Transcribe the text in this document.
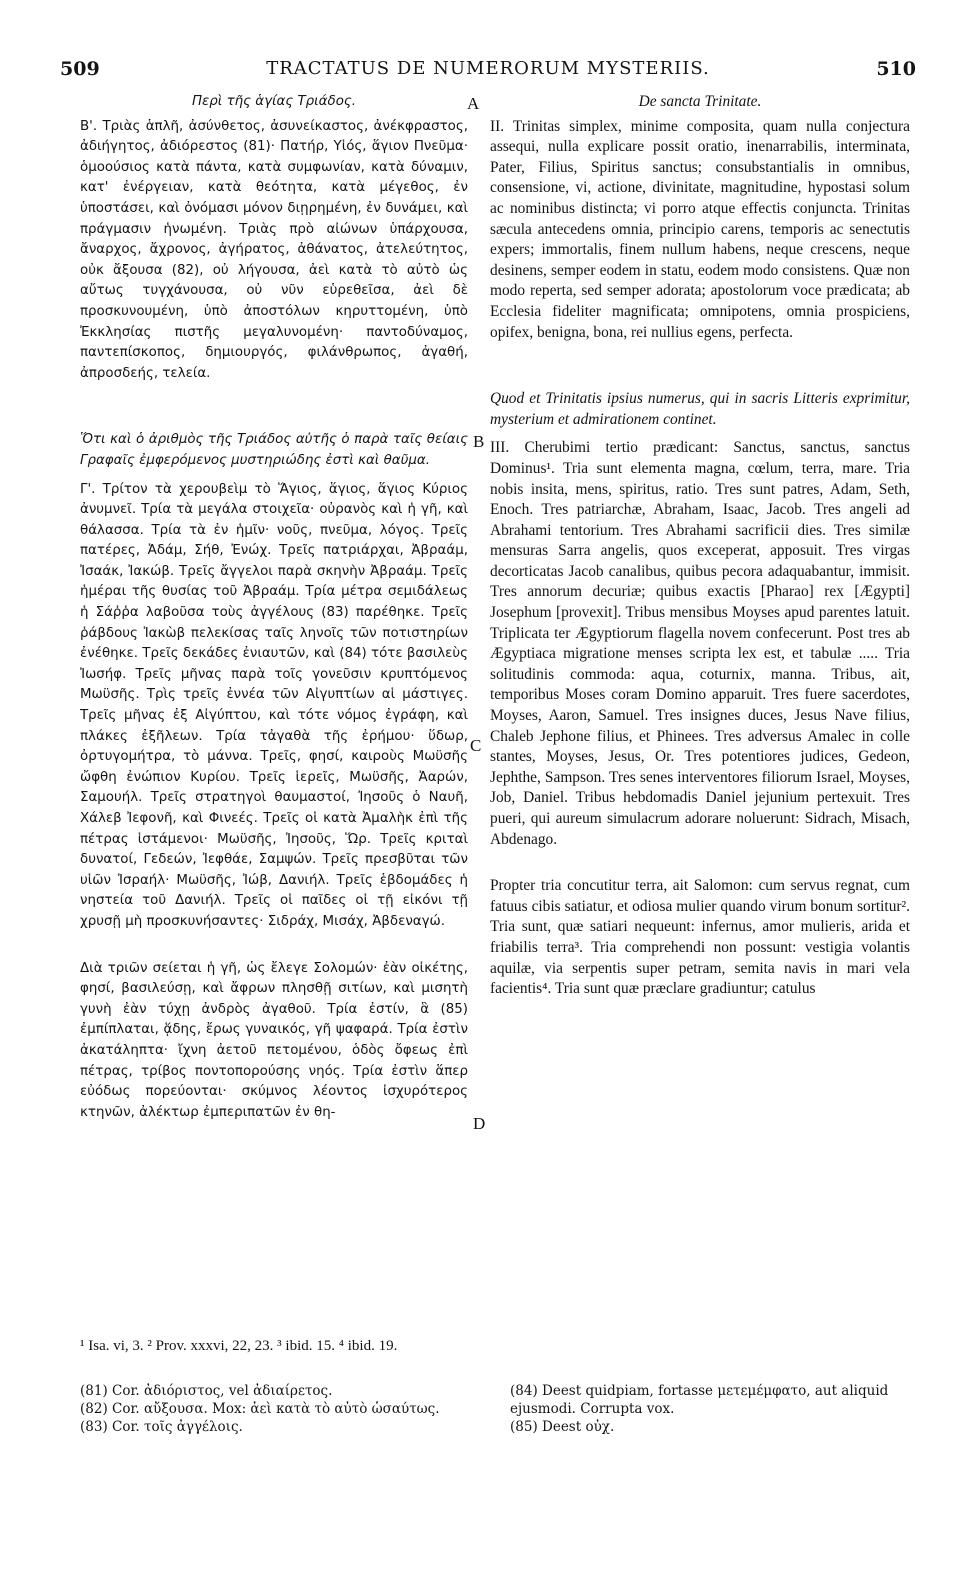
509	TRACTATUS DE NUMERORUM MYSTERIIS.	510
Περὶ τῆς ἁγίας Τριάδος.

Β'. Τριὰς ἁπλῆ, ἀσύνθετος, ἀσυνείκαστος, ἀνέκφραστος, ἀδιήγητος, ἀδιόρεστος (81)· Πατήρ, Υἱός, ἅγιον Πνεῦμα· ὁμοούσιος κατὰ πάντα, κατὰ συμφωνίαν, κατὰ δύναμιν, κατ' ἐνέργειαν, κατὰ θεότητα, κατὰ μέγεθος, ἐν ὑποστάσει, καὶ ὀνόμασι μόνον διῃρημένη, ἐν δυνάμει, καὶ πράγμασιν ἡνωμένη. Τριὰς πρὸ αἰώνων ὑπάρχουσα, ἄναρχος, ἄχρονος, ἀγήρατος, ἀθάνατος, ἀτελεύτητος, οὐκ ἄξουσα (82), οὐ λήγουσα, ἀεὶ κατὰ τὸ αὐτὸ ὡς αὔτως τυγχάνουσα, οὐ νῦν εὑρεθεῖσα, ἀεὶ δὲ προσκυνουμένη, ὑπὸ ἀποστόλων κηρυττομένη, ὑπὸ Ἐκκλησίας πιστῆς μεγαλυνομένη· παντοδύναμος, παντεπίσκοπος, δημιουργός, φιλάνθρωπος, ἀγαθή, ἀπροσδεής, τελεία.

Ὅτι καὶ ὁ ἀριθμὸς τῆς Τριάδος αὐτῆς ὁ παρὰ ταῖς θείαις Γραφαῖς ἐμφερόμενος μυστηριώδης ἐστὶ καὶ θαῦμα.

Γ'. Τρίτον τὰ χερουβεὶμ τὸ Ἅγιος, ἅγιος, ἅγιος Κύριος ἀνυμνεῖ. Τρία τὰ μεγάλα στοιχεῖα· οὐρανὸς καὶ ἡ γῆ, καὶ θάλασσα. Τρία τὰ ἐν ἡμῖν· νοῦς, πνεῦμα, λόγος. Τρεῖς πατέρες, Ἀδάμ, Σήθ, Ἐνώχ. Τρεῖς πατριάρχαι, Ἀβραάμ, Ἰσαάκ, Ἰακώβ. Τρεῖς ἄγγελοι παρὰ σκηνὴν Ἀβραάμ. Τρεῖς ἡμέραι τῆς θυσίας τοῦ Ἀβραάμ. Τρία μέτρα σεμιδάλεως ἡ Σάῤῥα λαβοῦσα τοὺς ἀγγέλους (83) παρέθηκε. Τρεῖς ῥάβδους Ἰακὼβ πελεκίσας ταῖς ληνοῖς τῶν ποτιστηρίων ἐνέθηκε. Τρεῖς δεκάδες ἐνιαυτῶν, καὶ (84) τότε βασιλεὺς Ἰωσήφ. Τρεῖς μῆνας παρὰ τοῖς γονεῦσιν κρυπτόμενος Μωϋσῆς. Τρὶς τρεῖς ἐννέα τῶν Αἰγυπτίων αἱ μάστιγες. Τρεῖς μῆνας ἐξ Αἰγύπτου, καὶ τότε νόμος ἐγράφη, καὶ πλάκες ἐξῆλεων. Τρία τἀγαθὰ τῆς ἐρήμου· ὕδωρ, ὀρτυγομήτρα, τὸ μάννα. Τρεῖς, φησί, καιροὺς Μωϋσῆς ὤφθη ἐνώπιον Κυρίου. Τρεῖς ἱερεῖς, Μωϋσῆς, Ἀαρών, Σαμουήλ. Τρεῖς στρατηγοὶ θαυμαστοί, Ἰησοῦς ὁ Ναυῆ, Χάλεβ Ἰεφονῆ, καὶ Φινεές. Τρεῖς οἱ κατὰ Ἀμαλὴκ ἐπὶ τῆς πέτρας ἱστάμενοι· Μωϋσῆς, Ἰησοῦς, Ὥρ. Τρεῖς κριταὶ δυνατοί, Γεδεών, Ἰεφθάε, Σαμψών. Τρεῖς πρεσβῦται τῶν υἱῶν Ἰσραήλ· Μωϋσῆς, Ἰώβ, Δανιήλ. Τρεῖς ἑβδομάδες ἡ νηστεία τοῦ Δανιήλ. Τρεῖς οἱ παῖδες οἱ τῇ εἰκόνι τῇ χρυσῇ μὴ προσκυνήσαντες· Σιδράχ, Μισάχ, Ἀβδεναγώ.

Διὰ τριῶν σείεται ἡ γῆ, ὡς ἔλεγε Σολομών· ἐὰν οἰκέτης, φησί, βασιλεύσῃ, καὶ ἄφρων πλησθῇ σιτίων, καὶ μισητὴ γυνὴ ἐὰν τύχῃ ἀνδρὸς ἀγαθοῦ. Τρία ἐστίν, ἃ (85) ἐμπίπλαται, ᾅδης, ἔρως γυναικός, γῆ ψαφαρά. Τρία ἐστὶν ἀκατάληπτα· ἴχνη ἀετοῦ πετομένου, ὁδὸς ὄφεως ἐπὶ πέτρας, τρίβος ποντοπορούσης νηός. Τρία ἐστὶν ἅπερ εὐόδως πορεύονται· σκύμνος λέοντος ἰσχυρότερος κτηνῶν, ἀλέκτωρ ἐμπεριπατῶν ἐν θη-

De sancta Trinitate.

II. Trinitas simplex, minime composita, quam nulla conjectura assequi, nulla explicare possit oratio, inenarrabilis, interminata, Pater, Filius, Spiritus sanctus; consubstantialis in omnibus, consensione, vi, actione, divinitate, magnitudine, hypostasi solum ac nominibus distincta; vi porro atque effectis conjuncta. Trinitas sæcula antecedens omnia, principio carens, temporis ac senectutis expers; immortalis, finem nullum habens, neque crescens, neque desinens, semper eodem in statu, eodem modo consistens. Quæ non modo reperta, sed semper adorata; apostolorum voce prædicata; ab Ecclesia fideliter magnificata; omnipotens, omnia prospiciens, opifex, benigna, bona, rei nullius egens, perfecta.

Quod et Trinitatis ipsius numerus, qui in sacris Litteris exprimitur, mysterium et admirationem continet.

III. Cherubimi tertio prædicant: Sanctus, sanctus, sanctus Dominus¹. Tria sunt elementa magna, cœlum, terra, mare. Tria nobis insita, mens, spiritus, ratio. Tres sunt patres, Adam, Seth, Enoch. Tres patriarchæ, Abraham, Isaac, Jacob. Tres angeli ad Abrahami tentorium. Tres Abrahami sacrificii dies. Tres similæ mensuras Sarra angelis, quos exceperat, apposuit. Tres virgas decorticatas Jacob canalibus, quibus pecora adaquabantur, immisit. Tres annorum decuriæ; quibus exactis [Pharao] rex [Ægypti] Josephum [provexit]. Tribus mensibus Moyses apud parentes latuit. Triplicata ter Ægyptiorum flagella novem confecerunt. Post tres ab Ægyptiaca migratione menses scripta lex est, et tabulæ ..... Tria solitudinis commoda: aqua, coturnix, manna. Tribus, ait, temporibus Moses coram Domino apparuit. Tres fuere sacerdotes, Moyses, Aaron, Samuel. Tres insignes duces, Jesus Nave filius, Chaleb Jephone filius, et Phinees. Tres adversus Amalec in colle stantes, Moyses, Jesus, Or. Tres potentiores judices, Gedeon, Jephthe, Sampson. Tres senes interventores filiorum Israel, Moyses, Job, Daniel. Tribus hebdomadis Daniel jejunium pertexuit. Tres pueri, qui aureum simulacrum adorare noluerunt: Sidrach, Misach, Abdenago.

Propter tria concutitur terra, ait Salomon: cum servus regnat, cum fatuus cibis satiatur, et odiosa mulier quando virum bonum sortitur². Tria sunt, quæ satiari nequeunt: infernus, amor mulieris, arida et friabilis terra³. Tria comprehendi non possunt: vestigia volantis aquilæ, via serpentis super petram, semita navis in mari vela facientis⁴. Tria sunt quæ præclare gradiuntur; catulus

A
B
C
D
¹ Isa. vi, 3. ² Prov. xxxvi, 22, 23. ³ ibid. 15. ⁴ ibid. 19.

(81) Cor. ἀδιόριστος, vel ἀδιαίρετος.

(82) Cor. αὔξουσα. Mox: ἀεὶ κατὰ τὸ αὐτὸ ὡσαύτως.

(83) Cor. τοῖς ἀγγέλοις.

(84) Deest quidpiam, fortasse μετεμέμφατο, aut aliquid ejusmodi. Corrupta vox.

(85) Deest οὐχ.
